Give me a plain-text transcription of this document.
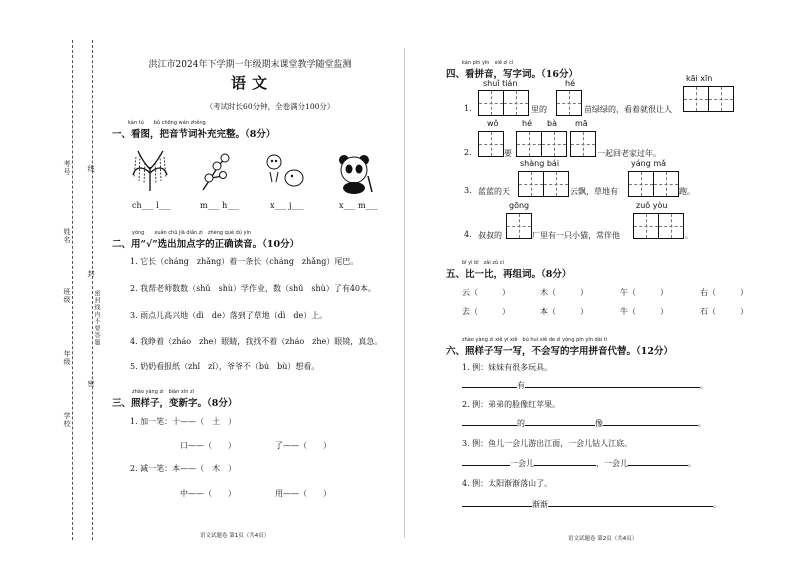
考号
姓名
班级
年级
学校
线
封
密
密封线内不要答题
洪江市2024年下学期一年级期末课堂教学随堂监测
语文
（考试时长60分钟，全卷满分100分）
kàn tú　　bǔ chōng wán zhěng
一、看图，把音节词补充完整。（8分）
ch___ l___	m___ h___	x___ j___	x___ m___
yòng　　xuǎn chū jiā diǎn zì　zhèng què dú yīn
二、用“√”选出加点字的正确读音。（10分）
1. 它长（cháng　zhǎng）着一条长（cháng　zhǎng）尾巴。
2. 我帮老师数数（shǔ　shù）学作业，数（shǔ　shù）了有40本。
3. 雨点儿高兴地（dì　de）落到了草地（dì　de）上。
4. 我睁着（zháo　zhe）眼睛，我找不着（zháo　zhe）眼镜，真急。
5. 奶奶看报纸（zhǐ　zǐ），爷爷不（bú　bù）想看。
zhào yàng zi　biàn xīn zì
三、照样子，变新字。（8分）
1. 加一笔：十——（　土　）
口——（　　）	了——（　　）
2. 减一笔：本——（　木　）
中——（　　）	用——（　　）
语文试题卷 第1页（共4页）
kàn pīn yīn　xiě zì cí
四、看拼音，写字词。（16分）
shuǐ tián	hé
kāi xīn
1.	里的	苗绿绿的，看着就很让人
wǒ	hé bà mā
2.	要	一起回老家过年。
shàng bái	yáng mǎ
3. 蓝蓝的天	云飘，草地有	跑。
gōng	zuǒ yòu
4. 叔叔的	厂里有一只小猫，常伴他	。
bǐ yì bǐ　zài zǔ cí
五、比一比，再组词。（8分）
云（　　　）	木（　　　）	午（　　　）	右（　　　）
去（　　　）	本（　　　）	牛（　　　）	石（　　　）
zhào yàng zi xiě yi xiě　bú huì xiě de zì yòng pīn yīn dài tì
六、照样子写一写，不会写的字用拼音代替。（12分）
1. 例：妹妹有很多玩具。
有	。
2. 例：弟弟的脸像红苹果。
的	像	。
3. 例：鱼儿一会儿游出江面，一会儿钻人江底。
一会儿	，一会儿	。
4. 例：太阳渐渐落山了。
渐渐	。
语文试题卷 第2页（共4页）
